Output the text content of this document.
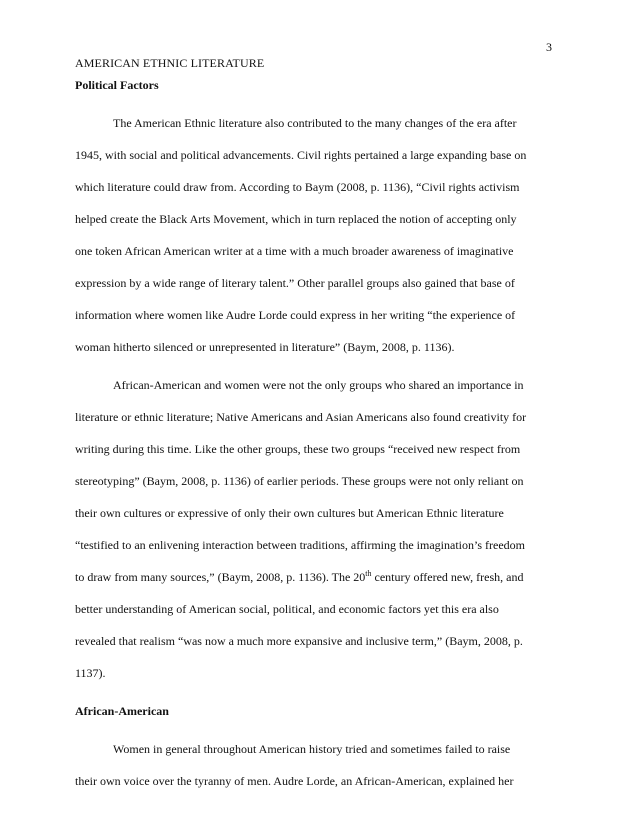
3
AMERICAN ETHNIC LITERATURE
Political Factors
The American Ethnic literature also contributed to the many changes of the era after
1945, with social and political advancements. Civil rights pertained a large expanding base on
which literature could draw from. According to Baym (2008, p. 1136), “Civil rights activism
helped create the Black Arts Movement, which in turn replaced the notion of accepting only
one token African American writer at a time with a much broader awareness of imaginative
expression by a wide range of literary talent.” Other parallel groups also gained that base of
information where women like Audre Lorde could express in her writing “the experience of
woman hitherto silenced or unrepresented in literature” (Baym, 2008, p. 1136).
African-American and women were not the only groups who shared an importance in
literature or ethnic literature; Native Americans and Asian Americans also found creativity for
writing during this time. Like the other groups, these two groups “received new respect from
stereotyping” (Baym, 2008, p. 1136) of earlier periods. These groups were not only reliant on
their own cultures or expressive of only their own cultures but American Ethnic literature
“testified to an enlivening interaction between traditions, affirming the imagination’s freedom
to draw from many sources,” (Baym, 2008, p. 1136). The 20th century offered new, fresh, and
better understanding of American social, political, and economic factors yet this era also
revealed that realism “was now a much more expansive and inclusive term,” (Baym, 2008, p.
1137).
African-American
Women in general throughout American history tried and sometimes failed to raise
their own voice over the tyranny of men. Audre Lorde, an African-American, explained her
